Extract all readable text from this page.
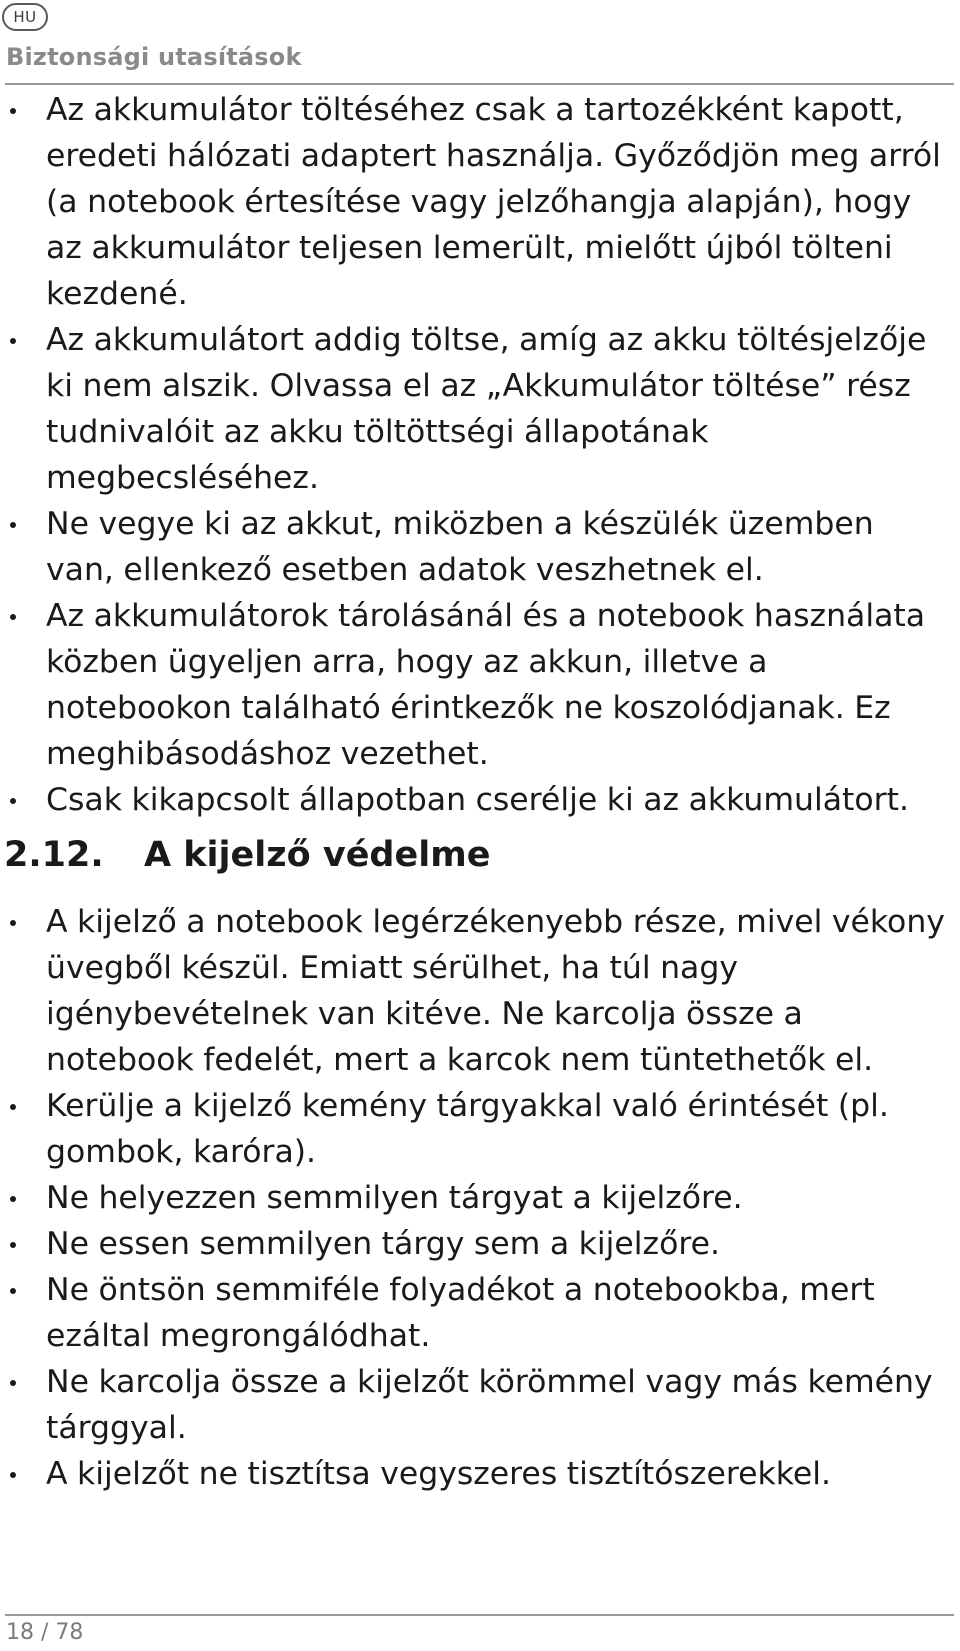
HU
Biztonsági utasítások
Az akkumulátor töltéséhez csak a tartozékként kapott, eredeti hálózati adaptert használja. Győződjön meg arról (a notebook értesítése vagy jelzőhangja alapján), hogy az akkumulátor teljesen lemerült, mielőtt újból tölteni kezdené.
Az akkumulátort addig töltse, amíg az akku töltésjelzője ki nem alszik. Olvassa el az „Akkumulátor töltése” rész tudnivalóit az akku töltöttségi állapotának megbecsléséhez.
Ne vegye ki az akkut, miközben a készülék üzemben van, ellenkező esetben adatok veszhetnek el.
Az akkumulátorok tárolásánál és a notebook használata közben ügyeljen arra, hogy az akkun, illetve a notebookon található érintkezők ne koszolódjanak. Ez meghibásodáshoz vezethet.
Csak kikapcsolt állapotban cserélje ki az akkumulátort.
2.12.	A kijelző védelme
A kijelző a notebook legérzékenyebb része, mivel vékony üvegből készül. Emiatt sérülhet, ha túl nagy igénybevételnek van kitéve. Ne karcolja össze a notebook fedelét, mert a karcok nem tüntethetők el.
Kerülje a kijelző kemény tárgyakkal való érintését (pl. gombok, karóra).
Ne helyezzen semmilyen tárgyat a kijelzőre.
Ne essen semmilyen tárgy sem a kijelzőre.
Ne öntsön semmiféle folyadékot a notebookba, mert ezáltal megrongálódhat.
Ne karcolja össze a kijelzőt körömmel vagy más kemény tárggyal.
A kijelzőt ne tisztítsa vegyszeres tisztítószerekkel.
18 / 78
